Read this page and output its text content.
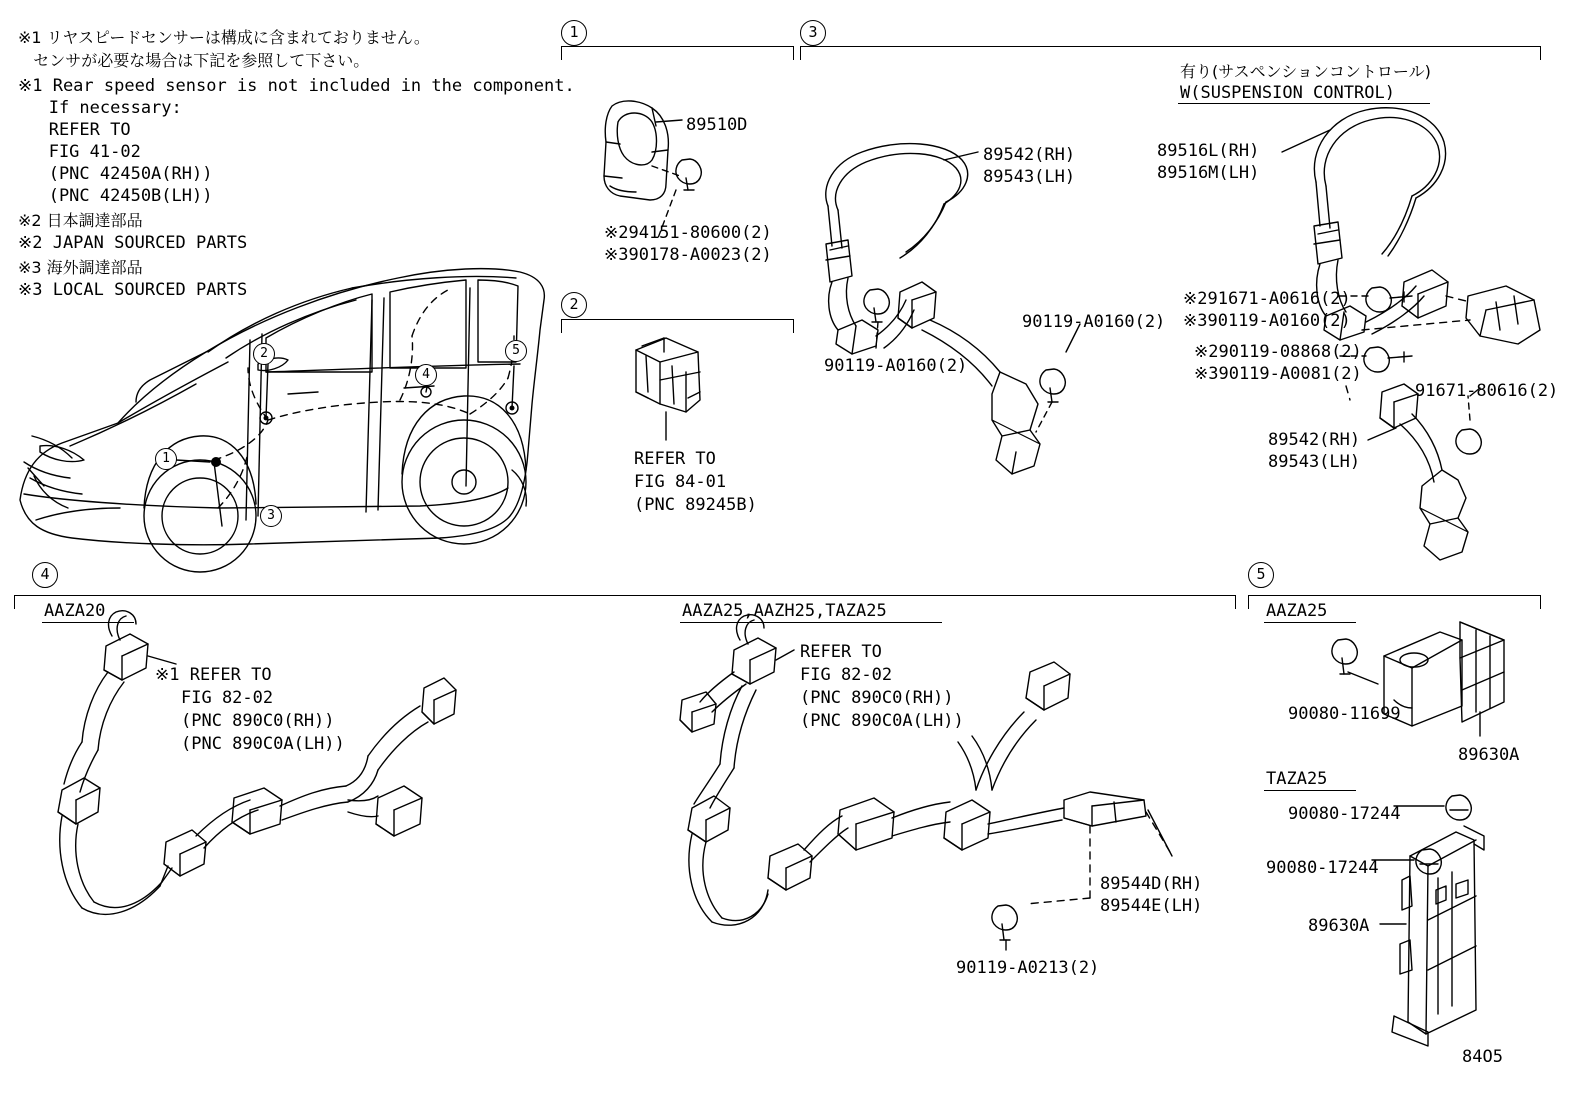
※1 リヤスピードセンサーは構成に含まれておりません。
センサが必要な場合は下記を参照して下さい。
※1 Rear speed sensor is not included in the component.
If necessary:
REFER TO
FIG 41-02
(PNC 42450A(RH))
(PNC 42450B(LH))
※2 日本調達部品
※2 JAPAN SOURCED PARTS
※3 海外調達部品
※3 LOCAL SOURCED PARTS
1	3
2
4	5
AAZA20	AAZA25,AAZH25,TAZA25	AAZA25
TAZA25
有り(サスペンションコントロール)
W(SUSPENSION CONTROL)
89510D
※294151-80600(2)
※390178-A0023(2)
REFER TO
FIG 84-01
(PNC 89245B)
89542(RH)
89543(LH)
90119-A0160(2)
90119-A0160(2)
89516L(RH)
89516M(LH)
※291671-A0616(2)
※390119-A0160(2)
※290119-08868(2)
※390119-A0081(2)
91671-80616(2)
89542(RH)
89543(LH)
※1 REFER TO
FIG 82-02
(PNC 890C0(RH))
(PNC 890C0A(LH))
REFER TO
FIG 82-02
(PNC 890C0(RH))
(PNC 890C0A(LH))
89544D(RH)
89544E(LH)
90119-A0213(2)
90080-11699
89630A
90080-17244
90080-17244
89630A
84O5
1
2
3
4
5
